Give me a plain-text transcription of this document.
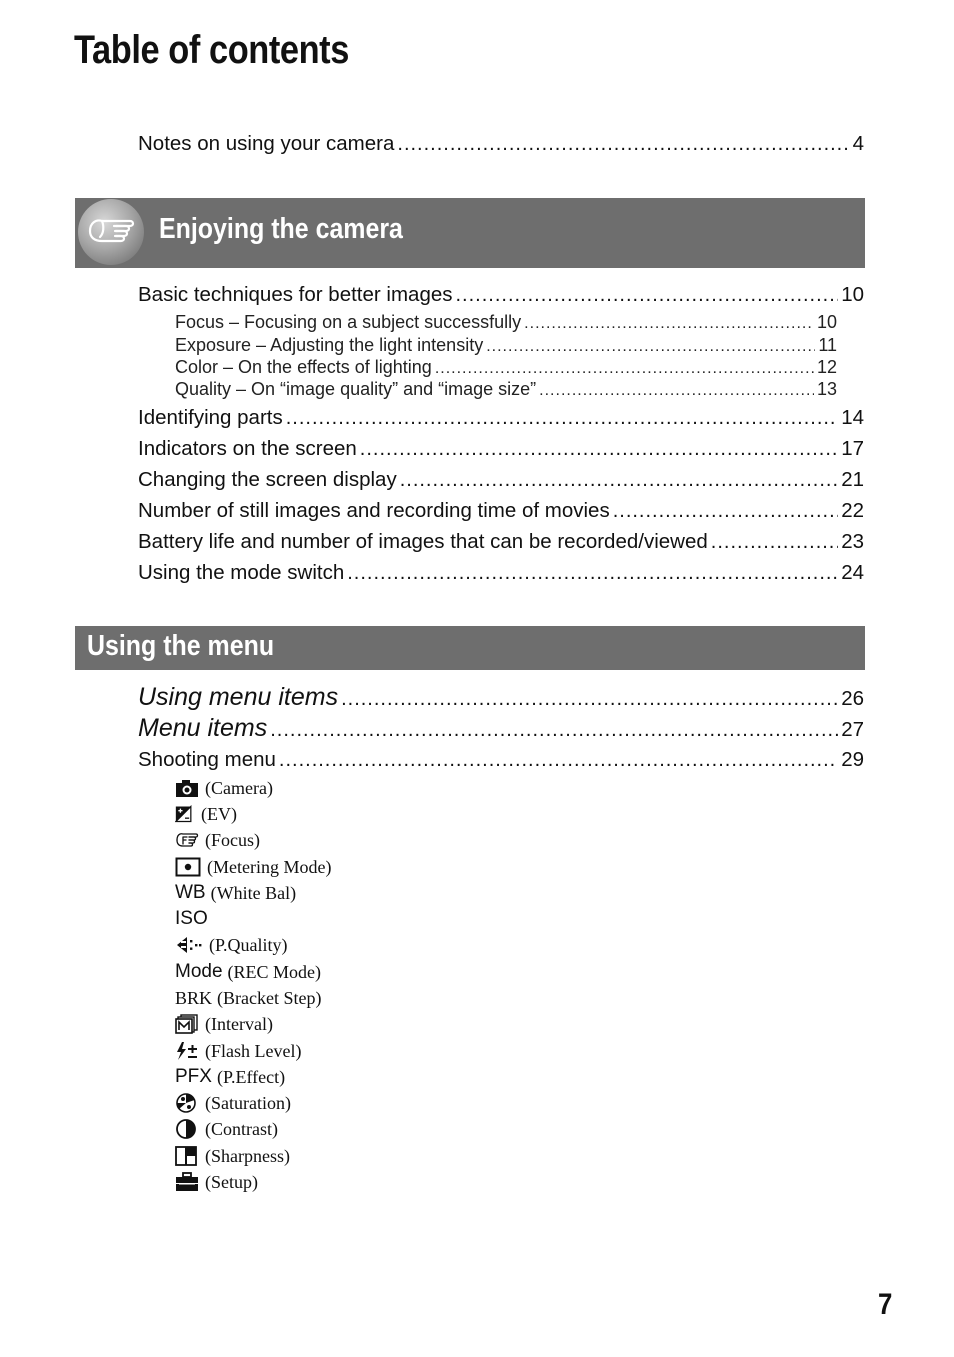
Table of contents
Notes on using your camera .....	4
Enjoying the camera
Basic techniques for better images .....	10
Focus – Focusing on a subject successfully .....	10
Exposure – Adjusting the light intensity .....	11
Color – On the effects of lighting .....	12
Quality – On “image quality” and “image size” .....	13
Identifying parts .....	14
Indicators on the screen .....	17
Changing the screen display .....	21
Number of still images and recording time of movies .....	22
Battery life and number of images that can be recorded/viewed .....	23
Using the mode switch .....	24
Using the menu
Using menu items .....	26
Menu items .....	27
Shooting menu .....	29
(Camera)
(EV)
(Focus)
(Metering Mode)
WB (White Bal)
ISO
(P.Quality)
Mode (REC Mode)
BRK (Bracket Step)
(Interval)
(Flash Level)
PFX (P.Effect)
(Saturation)
(Contrast)
(Sharpness)
(Setup)
7
